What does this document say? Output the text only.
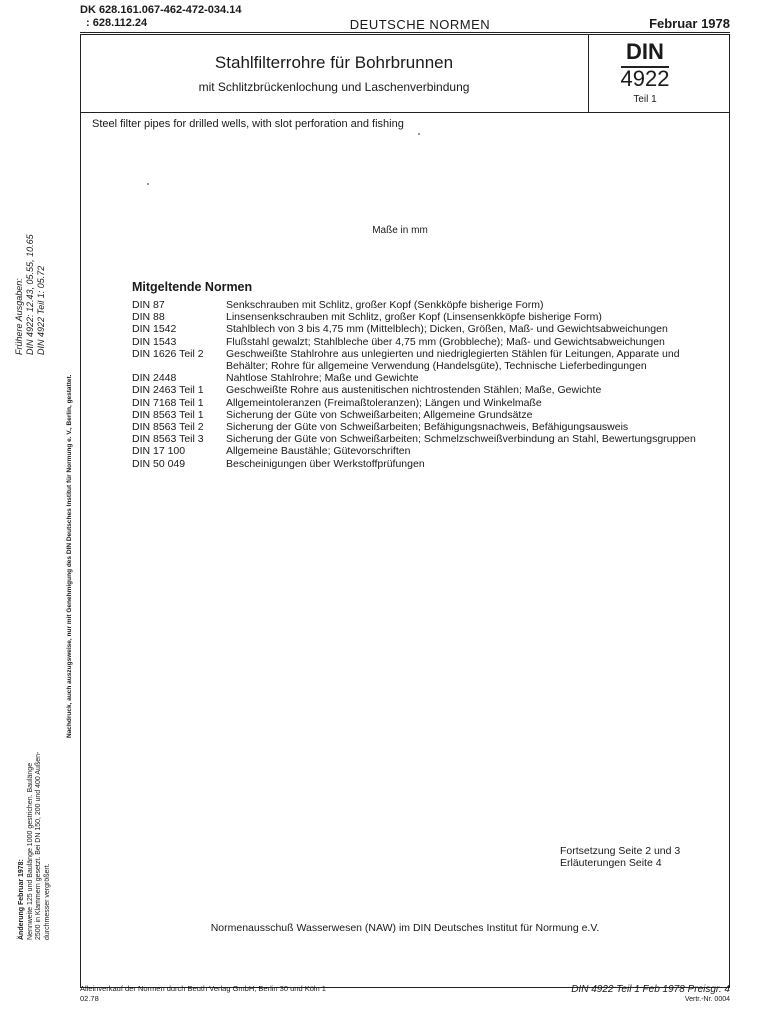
DK 628.161.067-462-472-034.14
: 628.112.24	DEUTSCHE NORMEN	Februar 1978
Stahlfilterrohre für Bohrbrunnen
mit Schlitzbrückenlochung und Laschenverbindung
DIN
4922
Teil 1
Steel filter pipes for drilled wells, with slot perforation and fishing
Maße in mm
Mitgeltende Normen
DIN 87	Senkschrauben mit Schlitz, großer Kopf (Senkköpfe bisherige Form)
DIN 88	Linsensenkschrauben mit Schlitz, großer Kopf (Linsensenkköpfe bisherige Form)
DIN 1542	Stahlblech von 3 bis 4,75 mm (Mittelblech); Dicken, Größen, Maß- und Gewichtsabweichungen
DIN 1543	Flußstahl gewalzt; Stahlbleche über 4,75 mm (Grobbleche); Maß- und Gewichtsabweichungen
DIN 1626 Teil 2	Geschweißte Stahlrohre aus unlegierten und niedriglegierten Stählen für Leitungen, Apparate und Behälter; Rohre für allgemeine Verwendung (Handelsgüte), Technische Lieferbedingungen
DIN 2448	Nahtlose Stahlrohre; Maße und Gewichte
DIN 2463 Teil 1	Geschweißte Rohre aus austenitischen nichtrostenden Stählen; Maße, Gewichte
DIN 7168 Teil 1	Allgemeintoleranzen (Freimaßtoleranzen); Längen und Winkelmaße
DIN 8563 Teil 1	Sicherung der Güte von Schweißarbeiten; Allgemeine Grundsätze
DIN 8563 Teil 2	Sicherung der Güte von Schweißarbeiten; Befähigungsnachweis, Befähigungsausweis
DIN 8563 Teil 3	Sicherung der Güte von Schweißarbeiten; Schmelzschweißverbindung an Stahl, Bewertungsgruppen
DIN 17 100	Allgemeine Baustähle; Gütevorschriften
DIN 50 049	Bescheinigungen über Werkstoffprüfungen
Fortsetzung Seite 2 und 3
Erläuterungen Seite 4
Normenausschuß Wasserwesen (NAW) im DIN Deutsches Institut für Normung e.V.
Alleinverkauf der Normen durch Beuth Verlag GmbH, Berlin 30 und Köln 1
02.78
DIN 4922 Teil 1 Feb 1978 Preisgr. 4
Vertr.-Nr. 0004
Frühere Ausgaben: DIN 4922: 12.43, 05.55, 10.65 DIN 4922 Teil 1: 05.72
Nachdruck, auch auszugsweise, nur mit Genehmigung des DIN Deutsches Institut für Normung e. V., Berlin, gestattet.
Änderung Februar 1978: Nennweite 125 und Baulänge 1000 gestrichen. Baulänge 2500 in Klammern gesetzt. Bei DN 150, 200 und 400 Außen- durchmesser vergrößert.
